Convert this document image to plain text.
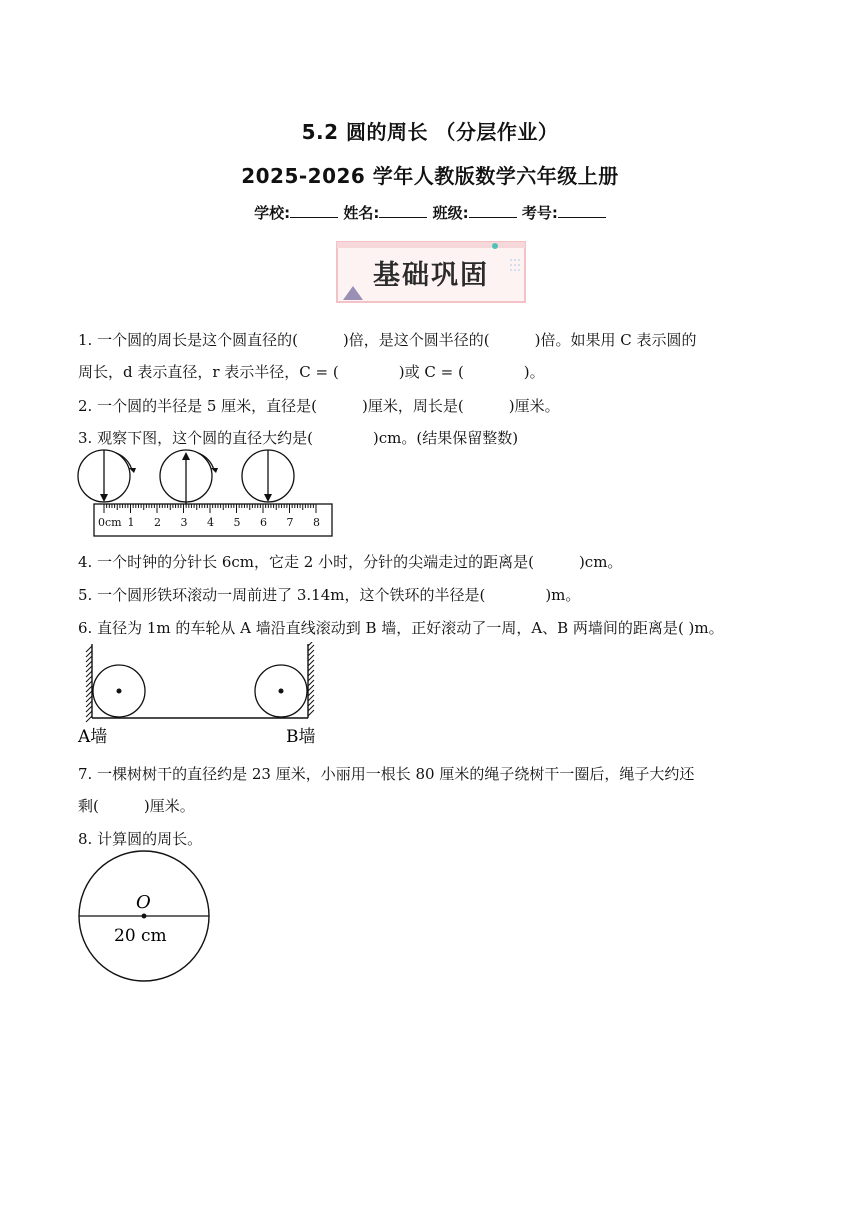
5.2 圆的周长 （分层作业）
2025-2026 学年人教版数学六年级上册
学校:	姓名:	班级:	考号:
基础巩固
1. 一个圆的周长是这个圆直径的(　　　)倍，是这个圆半径的(　　　)倍。如果用 C 表示圆的
周长，d 表示直径，r 表示半径，C = (　　　　)或 C = (　　　　)。
2. 一个圆的半径是 5 厘米，直径是(　　　)厘米，周长是(　　　)厘米。
3. 观察下图，这个圆的直径大约是(　　　　)cm。(结果保留整数)
0cm 1 2 3 4 5 6 7 8
4. 一个时钟的分针长 6cm，它走 2 小时，分针的尖端走过的距离是(　　　)cm。
5. 一个圆形铁环滚动一周前进了 3.14m，这个铁环的半径是(　　　　)m。
6. 直径为 1m 的车轮从 A 墙沿直线滚动到 B 墙，正好滚动了一周，A、B 两墙间的距离是( )m。
A墙	B墙
7. 一棵树树干的直径约是 23 厘米，小丽用一根长 80 厘米的绳子绕树干一圈后，绳子大约还
剩(　　　)厘米。
8. 计算圆的周长。
O
20 cm
